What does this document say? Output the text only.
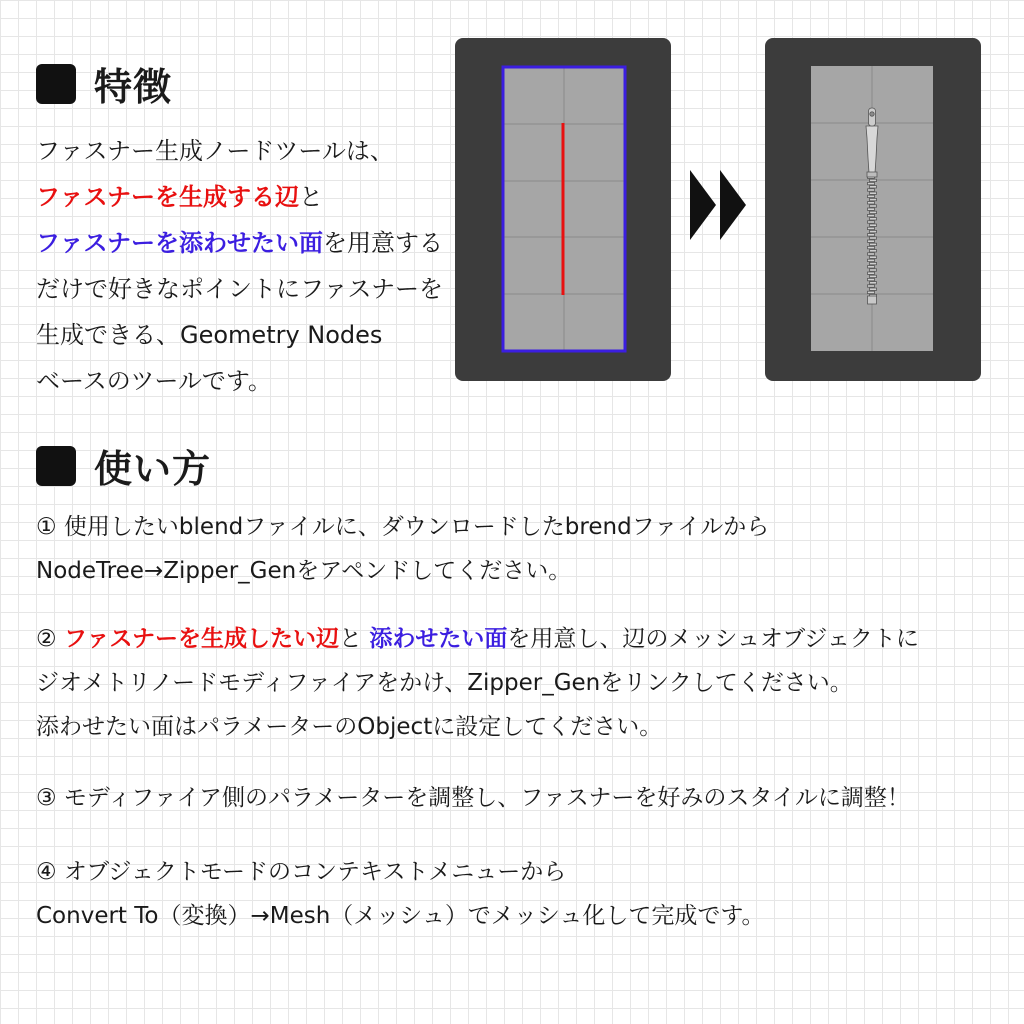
特徴
ファスナー生成ノードツールは、
ファスナーを生成する辺と
ファスナーを添わせたい面を用意する
だけで好きなポイントにファスナーを
生成できる、Geometry Nodes
ベースのツールです。
使い方
① 使用したいblendファイルに、ダウンロードしたbrendファイルから
NodeTree→Zipper_Genをアペンドしてください。
② ファスナーを生成したい辺と 添わせたい面を用意し、辺のメッシュオブジェクトに
ジオメトリノードモディファイアをかけ、Zipper_Genをリンクしてください。
添わせたい面はパラメーターのObjectに設定してください。
③ モディファイア側のパラメーターを調整し、ファスナーを好みのスタイルに調整！
④ オブジェクトモードのコンテキストメニューから
Convert To（変換）→Mesh（メッシュ）でメッシュ化して完成です。
